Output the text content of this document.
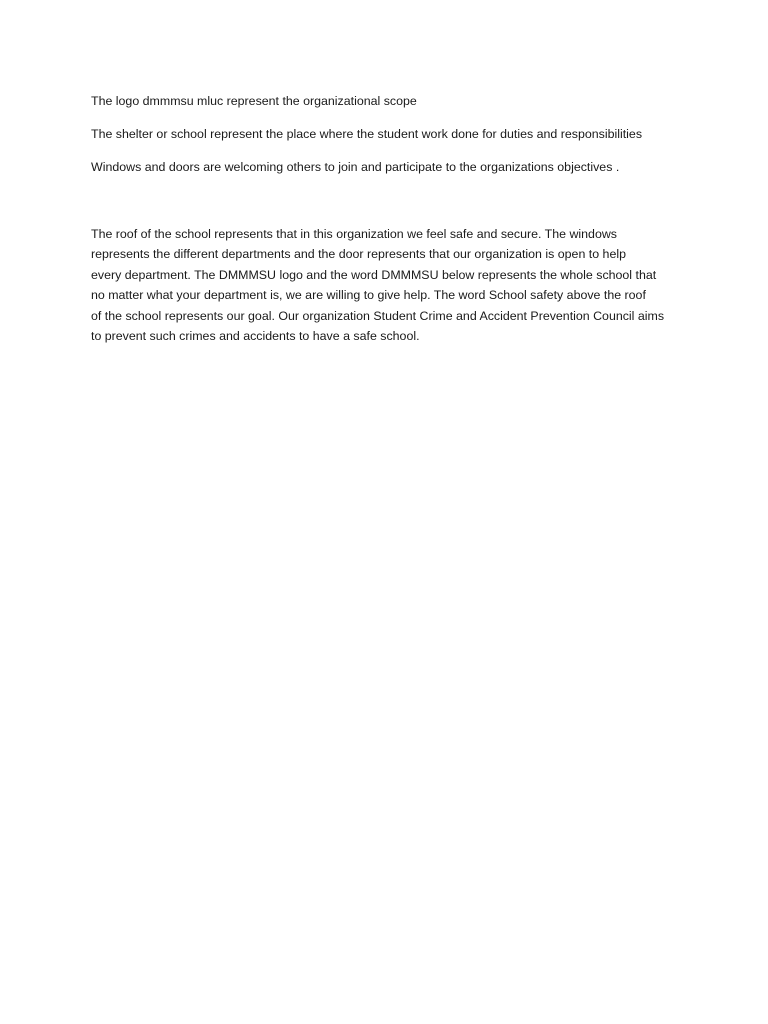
The logo dmmmsu mluc represent the organizational scope

The shelter or school represent the place where the student work done for duties and responsibilities

Windows and doors are welcoming others to join and participate to the organizations objectives .

The roof of the school represents that in this organization we feel safe and secure. The windows
represents the different departments and the door represents that our organization is open to help
every department. The DMMMSU logo and the word DMMMSU below represents the whole school that
no matter what your department is, we are willing to give help. The word School safety above the roof
of the school represents our goal. Our organization Student Crime and Accident Prevention Council aims
to prevent such crimes and accidents to have a safe school.
